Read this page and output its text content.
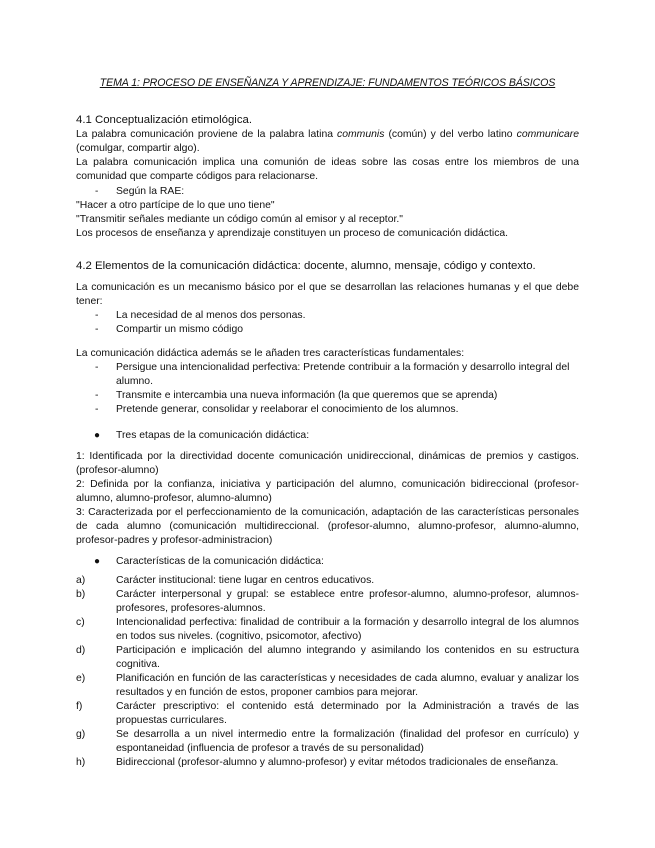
TEMA 1: PROCESO DE ENSEÑANZA Y APRENDIZAJE: FUNDAMENTOS TEÓRICOS BÁSICOS
4.1 Conceptualización etimológica.

La palabra comunicación proviene de la palabra latina communis (común) y del verbo latino communicare (comulgar, compartir algo).

La palabra comunicación implica una comunión de ideas sobre las cosas entre los miembros de una comunidad que comparte códigos para relacionarse.

- Según la RAE:

"Hacer a otro partícipe de lo que uno tiene"

"Transmitir señales mediante un código común al emisor y al receptor."

Los procesos de enseñanza y aprendizaje constituyen un proceso de comunicación didáctica.

4.2 Elementos de la comunicación didáctica: docente, alumno, mensaje, código y contexto.

La comunicación es un mecanismo básico por el que se desarrollan las relaciones humanas y el que debe tener:

- La necesidad de al menos dos personas.
- Compartir un mismo código

La comunicación didáctica además se le añaden tres características fundamentales:

- Persigue una intencionalidad perfectiva: Pretende contribuir a la formación y desarrollo integral del alumno.
- Transmite e intercambia una nueva información (la que queremos que se aprenda)
- Pretende generar, consolidar y reelaborar el conocimiento de los alumnos.
● Tres etapas de la comunicación didáctica:

1: Identificada por la directividad docente comunicación unidireccional, dinámicas de premios y castigos. (profesor-alumno)

2: Definida por la confianza, iniciativa y participación del alumno, comunicación bidireccional (profesor-alumno, alumno-profesor, alumno-alumno)

3: Caracterizada por el perfeccionamiento de la comunicación, adaptación de las características personales de cada alumno (comunicación multidireccional. (profesor-alumno, alumno-profesor, alumno-alumno, profesor-padres y profesor-administracion)

● Características de la comunicación didáctica:
a)	Carácter institucional: tiene lugar en centros educativos.
b)	Carácter interpersonal y grupal: se establece entre profesor-alumno, alumno-profesor, alumnos-profesores, profesores-alumnos.
c)	Intencionalidad perfectiva: finalidad de contribuir a la formación y desarrollo integral de los alumnos en todos sus niveles. (cognitivo, psicomotor, afectivo)
d)	Participación e implicación del alumno integrando y asimilando los contenidos en su estructura cognitiva.
e)	Planificación en función de las características y necesidades de cada alumno, evaluar y analizar los resultados y en función de estos, proponer cambios para mejorar.
f)	Carácter prescriptivo: el contenido está determinado por la Administración a través de las propuestas curriculares.
g)	Se desarrolla a un nivel intermedio entre la formalización (finalidad del profesor en currículo) y espontaneidad (influencia de profesor a través de su personalidad)
h)	Bidireccional (profesor-alumno y alumno-profesor) y evitar métodos tradicionales de enseñanza.
